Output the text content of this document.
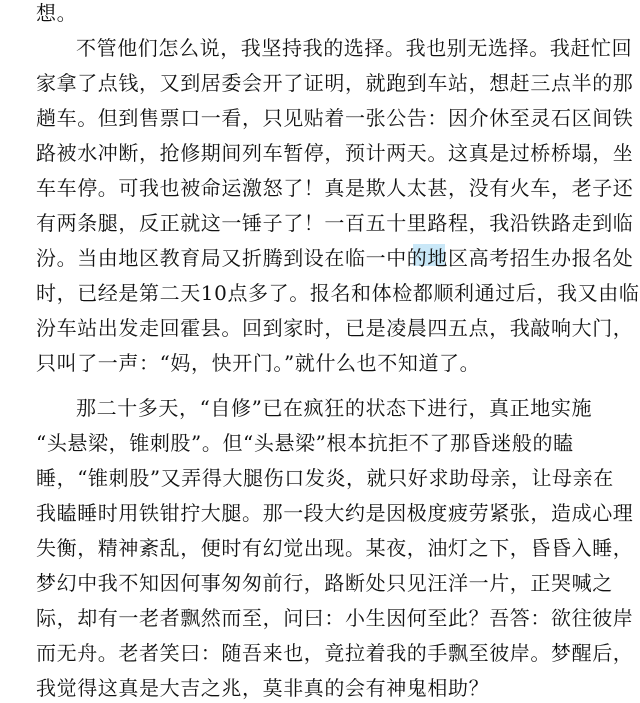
想。
不管他们怎么说，我坚持我的选择。我也别无选择。我赶忙回
家拿了点钱，又到居委会开了证明，就跑到车站，想赶三点半的那
趟车。但到售票口一看，只见贴着一张公告：因介休至灵石区间铁
路被水冲断，抢修期间列车暂停，预计两天。这真是过桥桥塌，坐
车车停。可我也被命运激怒了！真是欺人太甚，没有火车，老子还
有两条腿，反正就这一锤子了！一百五十里路程，我沿铁路走到临
汾。当由地区教育局又折腾到设在临一中的地区高考招生办报名处
时，已经是第二天10点多了。报名和体检都顺利通过后，我又由临
汾车站出发走回霍县。回到家时，已是凌晨四五点，我敲响大门，
只叫了一声：“妈，快开门。”就什么也不知道了。
那二十多天，“自修”已在疯狂的状态下进行，真正地实施
“头悬梁，锥刺股”。但“头悬梁”根本抗拒不了那昏迷般的瞌
睡，“锥刺股”又弄得大腿伤口发炎，就只好求助母亲，让母亲在
我瞌睡时用铁钳拧大腿。那一段大约是因极度疲劳紧张，造成心理
失衡，精神紊乱，便时有幻觉出现。某夜，油灯之下，昏昏入睡，
梦幻中我不知因何事匆匆前行，路断处只见汪洋一片，正哭喊之
际，却有一老者飘然而至，问曰：小生因何至此？吾答：欲往彼岸
而无舟。老者笑曰：随吾来也，竟拉着我的手飘至彼岸。梦醒后，
我觉得这真是大吉之兆，莫非真的会有神鬼相助？
